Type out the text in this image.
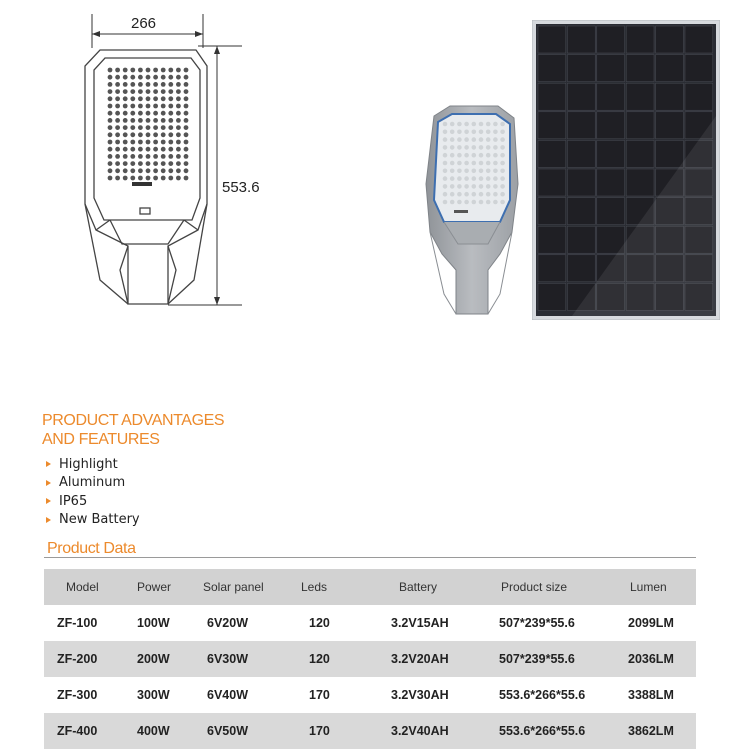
266
553.6
PRODUCT ADVANTAGES
AND FEATURES
Highlight
Aluminum
IP65
New Battery
Product Data
Model	Power	Solar panel	Leds	Battery	Product size	Lumen
ZF-100	100W	6V20W	120	3.2V15AH	507*239*55.6	2099LM
ZF-200	200W	6V30W	120	3.2V20AH	507*239*55.6	2036LM
ZF-300	300W	6V40W	170	3.2V30AH	553.6*266*55.6	3388LM
ZF-400	400W	6V50W	170	3.2V40AH	553.6*266*55.6	3862LM
